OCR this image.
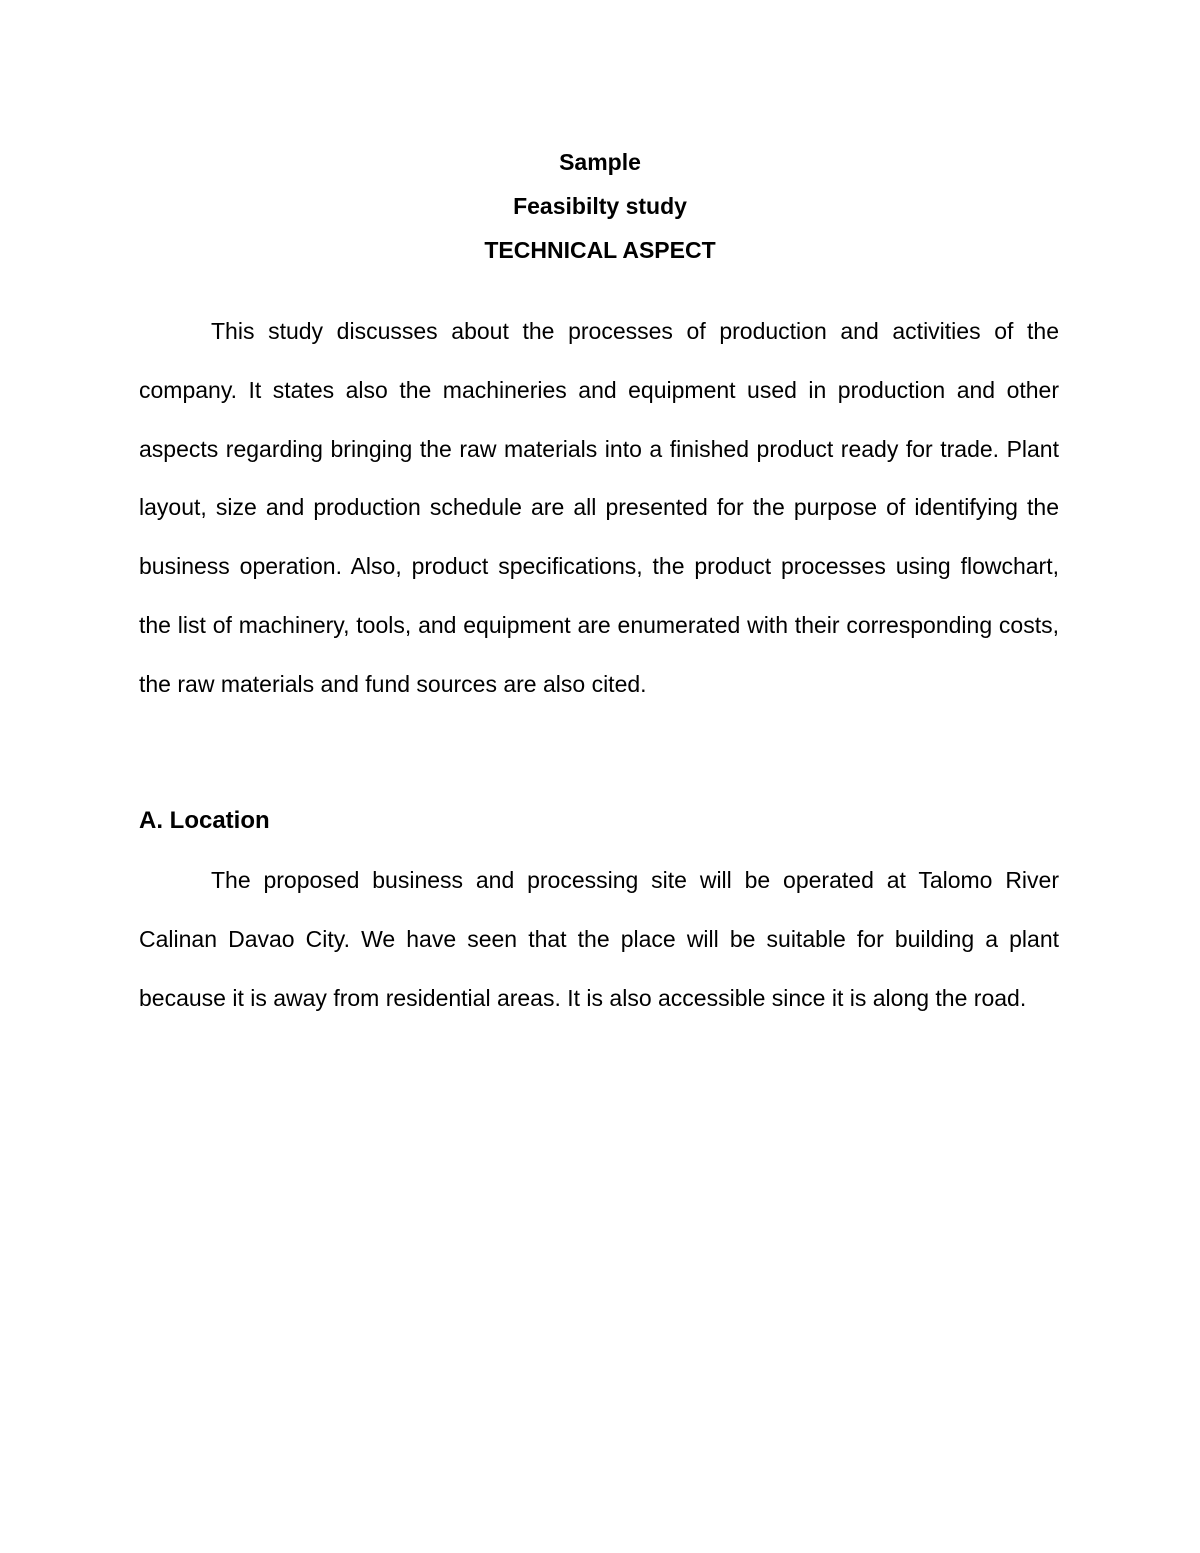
Sample
Feasibilty study
TECHNICAL ASPECT

This study discusses about the processes of production and activities of the company. It states also the machineries and equipment used in production and other aspects regarding bringing the raw materials into a finished product ready for trade. Plant layout, size and production schedule are all presented for the purpose of identifying the business operation. Also, product specifications, the product processes using flowchart, the list of machinery, tools, and equipment are enumerated with their corresponding costs, the raw materials and fund sources are also cited.

A. Location

The proposed business and processing site will be operated at Talomo River Calinan Davao City. We have seen that the place will be suitable for building a plant because it is away from residential areas. It is also accessible since it is along the road.
